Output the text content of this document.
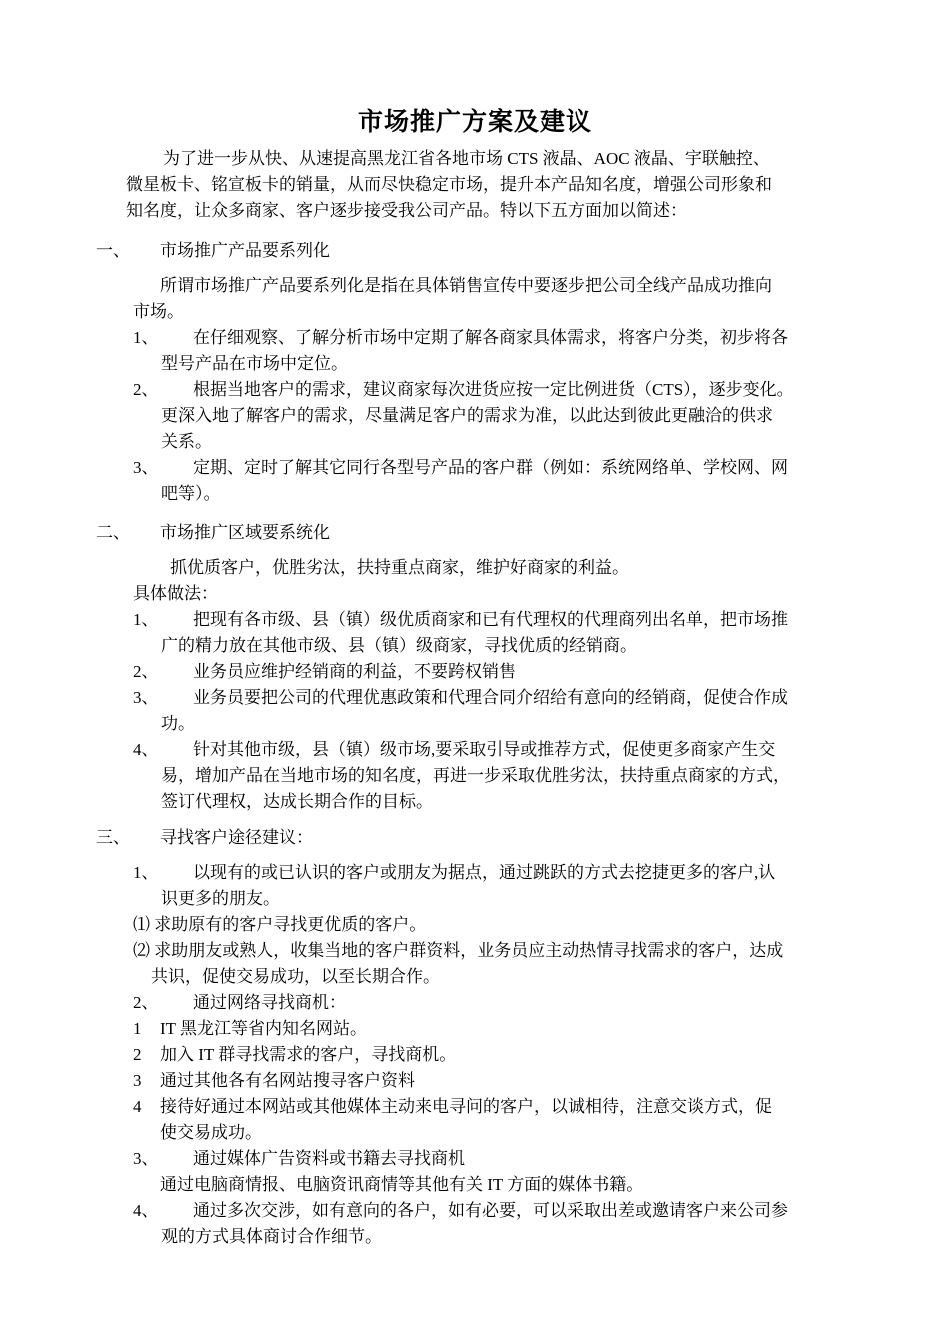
市场推广方案及建议
为了进一步从快、从速提高黑龙江省各地市场 CTS 液晶、AOC 液晶、宇联触控、
微星板卡、铭宣板卡的销量，从而尽快稳定市场，提升本产品知名度，增强公司形象和
知名度，让众多商家、客户逐步接受我公司产品。特以下五方面加以简述：
一、 市场推广产品要系列化
所谓市场推广产品要系列化是指在具体销售宣传中要逐步把公司全线产品成功推向
市场。
1、 在仔细观察、了解分析市场中定期了解各商家具体需求，将客户分类，初步将各
型号产品在市场中定位。
2、 根据当地客户的需求，建议商家每次进货应按一定比例进货（CTS），逐步变化。
更深入地了解客户的需求，尽量满足客户的需求为准，以此达到彼此更融洽的供求
关系。
3、 定期、定时了解其它同行各型号产品的客户群（例如：系统网络单、学校网、网
吧等）。
二、 市场推广区域要系统化
抓优质客户，优胜劣汰，扶持重点商家，维护好商家的利益。
具体做法：
1、 把现有各市级、县（镇）级优质商家和已有代理权的代理商列出名单，把市场推
广的精力放在其他市级、县（镇）级商家，寻找优质的经销商。
2、 业务员应维护经销商的利益，不要跨权销售
3、 业务员要把公司的代理优惠政策和代理合同介绍给有意向的经销商，促使合作成
功。
4、 针对其他市级，县（镇）级市场,要采取引导或推荐方式，促使更多商家产生交
易，增加产品在当地市场的知名度，再进一步采取优胜劣汰，扶持重点商家的方式，
签订代理权，达成长期合作的目标。
三、 寻找客户途径建议：
1、 以现有的或已认识的客户或朋友为据点，通过跳跃的方式去挖捷更多的客户,认
识更多的朋友。
⑴ 求助原有的客户寻找更优质的客户。
⑵ 求助朋友或熟人，收集当地的客户群资料，业务员应主动热情寻找需求的客户，达成
共识，促使交易成功，以至长期合作。
2、 通过网络寻找商机：
1 IT 黑龙江等省内知名网站。
2 加入 IT 群寻找需求的客户，寻找商机。
3 通过其他各有名网站搜寻客户资料
4 接待好通过本网站或其他媒体主动来电寻问的客户，以诚相待，注意交谈方式，促
使交易成功。
3、 通过媒体广告资料或书籍去寻找商机
通过电脑商情报、电脑资讯商情等其他有关 IT 方面的媒体书籍。
4、 通过多次交涉，如有意向的各户，如有必要，可以采取出差或邀请客户来公司参
观的方式具体商讨合作细节。
